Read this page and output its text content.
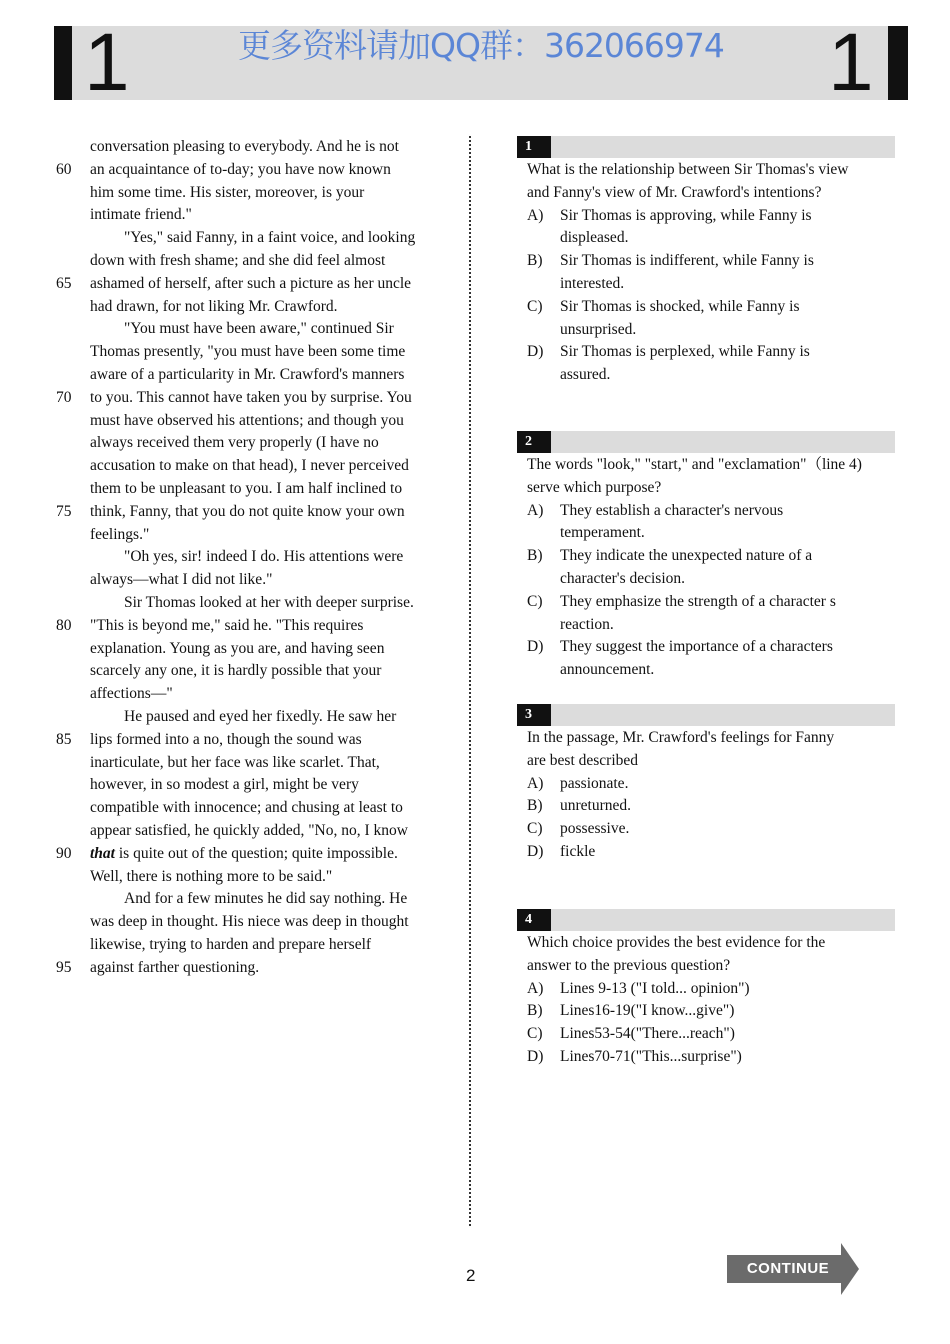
1	更多资料请加QQ群：362066974 1
conversation pleasing to everybody. And he is not
60	an acquaintance of to-day; you have now known
him some time. His sister, moreover, is your
intimate friend."
"Yes," said Fanny, in a faint voice, and looking
down with fresh shame; and she did feel almost
65	ashamed of herself, after such a picture as her uncle
had drawn, for not liking Mr. Crawford.
"You must have been aware," continued Sir
Thomas presently, "you must have been some time
aware of a particularity in Mr. Crawford's manners
70	to you. This cannot have taken you by surprise. You
must have observed his attentions; and though you
always received them very properly (I have no
accusation to make on that head), I never perceived
them to be unpleasant to you. I am half inclined to
75	think, Fanny, that you do not quite know your own
feelings."
"Oh yes, sir! indeed I do. His attentions were
always—what I did not like."
Sir Thomas looked at her with deeper surprise.
80	"This is beyond me," said he. "This requires
explanation. Young as you are, and having seen
scarcely any one, it is hardly possible that your
affections—"
He paused and eyed her fixedly. He saw her
85	lips formed into a no, though the sound was
inarticulate, but her face was like scarlet. That,
however, in so modest a girl, might be very
compatible with innocence; and chusing at least to
appear satisfied, he quickly added, "No, no, I know
90	that is quite out of the question; quite impossible.
Well, there is nothing more to be said."
And for a few minutes he did say nothing. He
was deep in thought. His niece was deep in thought
likewise, trying to harden and prepare herself
95	against farther questioning.
1
What is the relationship between Sir Thomas's view
and Fanny's view of Mr. Crawford's intentions?
A) Sir Thomas is approving, while Fanny is
displeased.
B) Sir Thomas is indifferent, while Fanny is
interested.
C) Sir Thomas is shocked, while Fanny is
unsurprised.
D) Sir Thomas is perplexed, while Fanny is
assured.
2
The words "look," "start," and "exclamation"（line 4)
serve which purpose?
A) They establish a character's nervous
temperament.
B) They indicate the unexpected nature of a
character's decision.
C) They emphasize the strength of a character s
reaction.
D) They suggest the importance of a characters
announcement.
3
In the passage, Mr. Crawford's feelings for Fanny
are best described
A) passionate.
B) unreturned.
C) possessive.
D) fickle
4
Which choice provides the best evidence for the
answer to the previous question?
A) Lines 9-13 ("I told... opinion")
B) Lines16-19("I know...give")
C) Lines53-54("There...reach")
D) Lines70-71("This...surprise")
2	CONTINUE
